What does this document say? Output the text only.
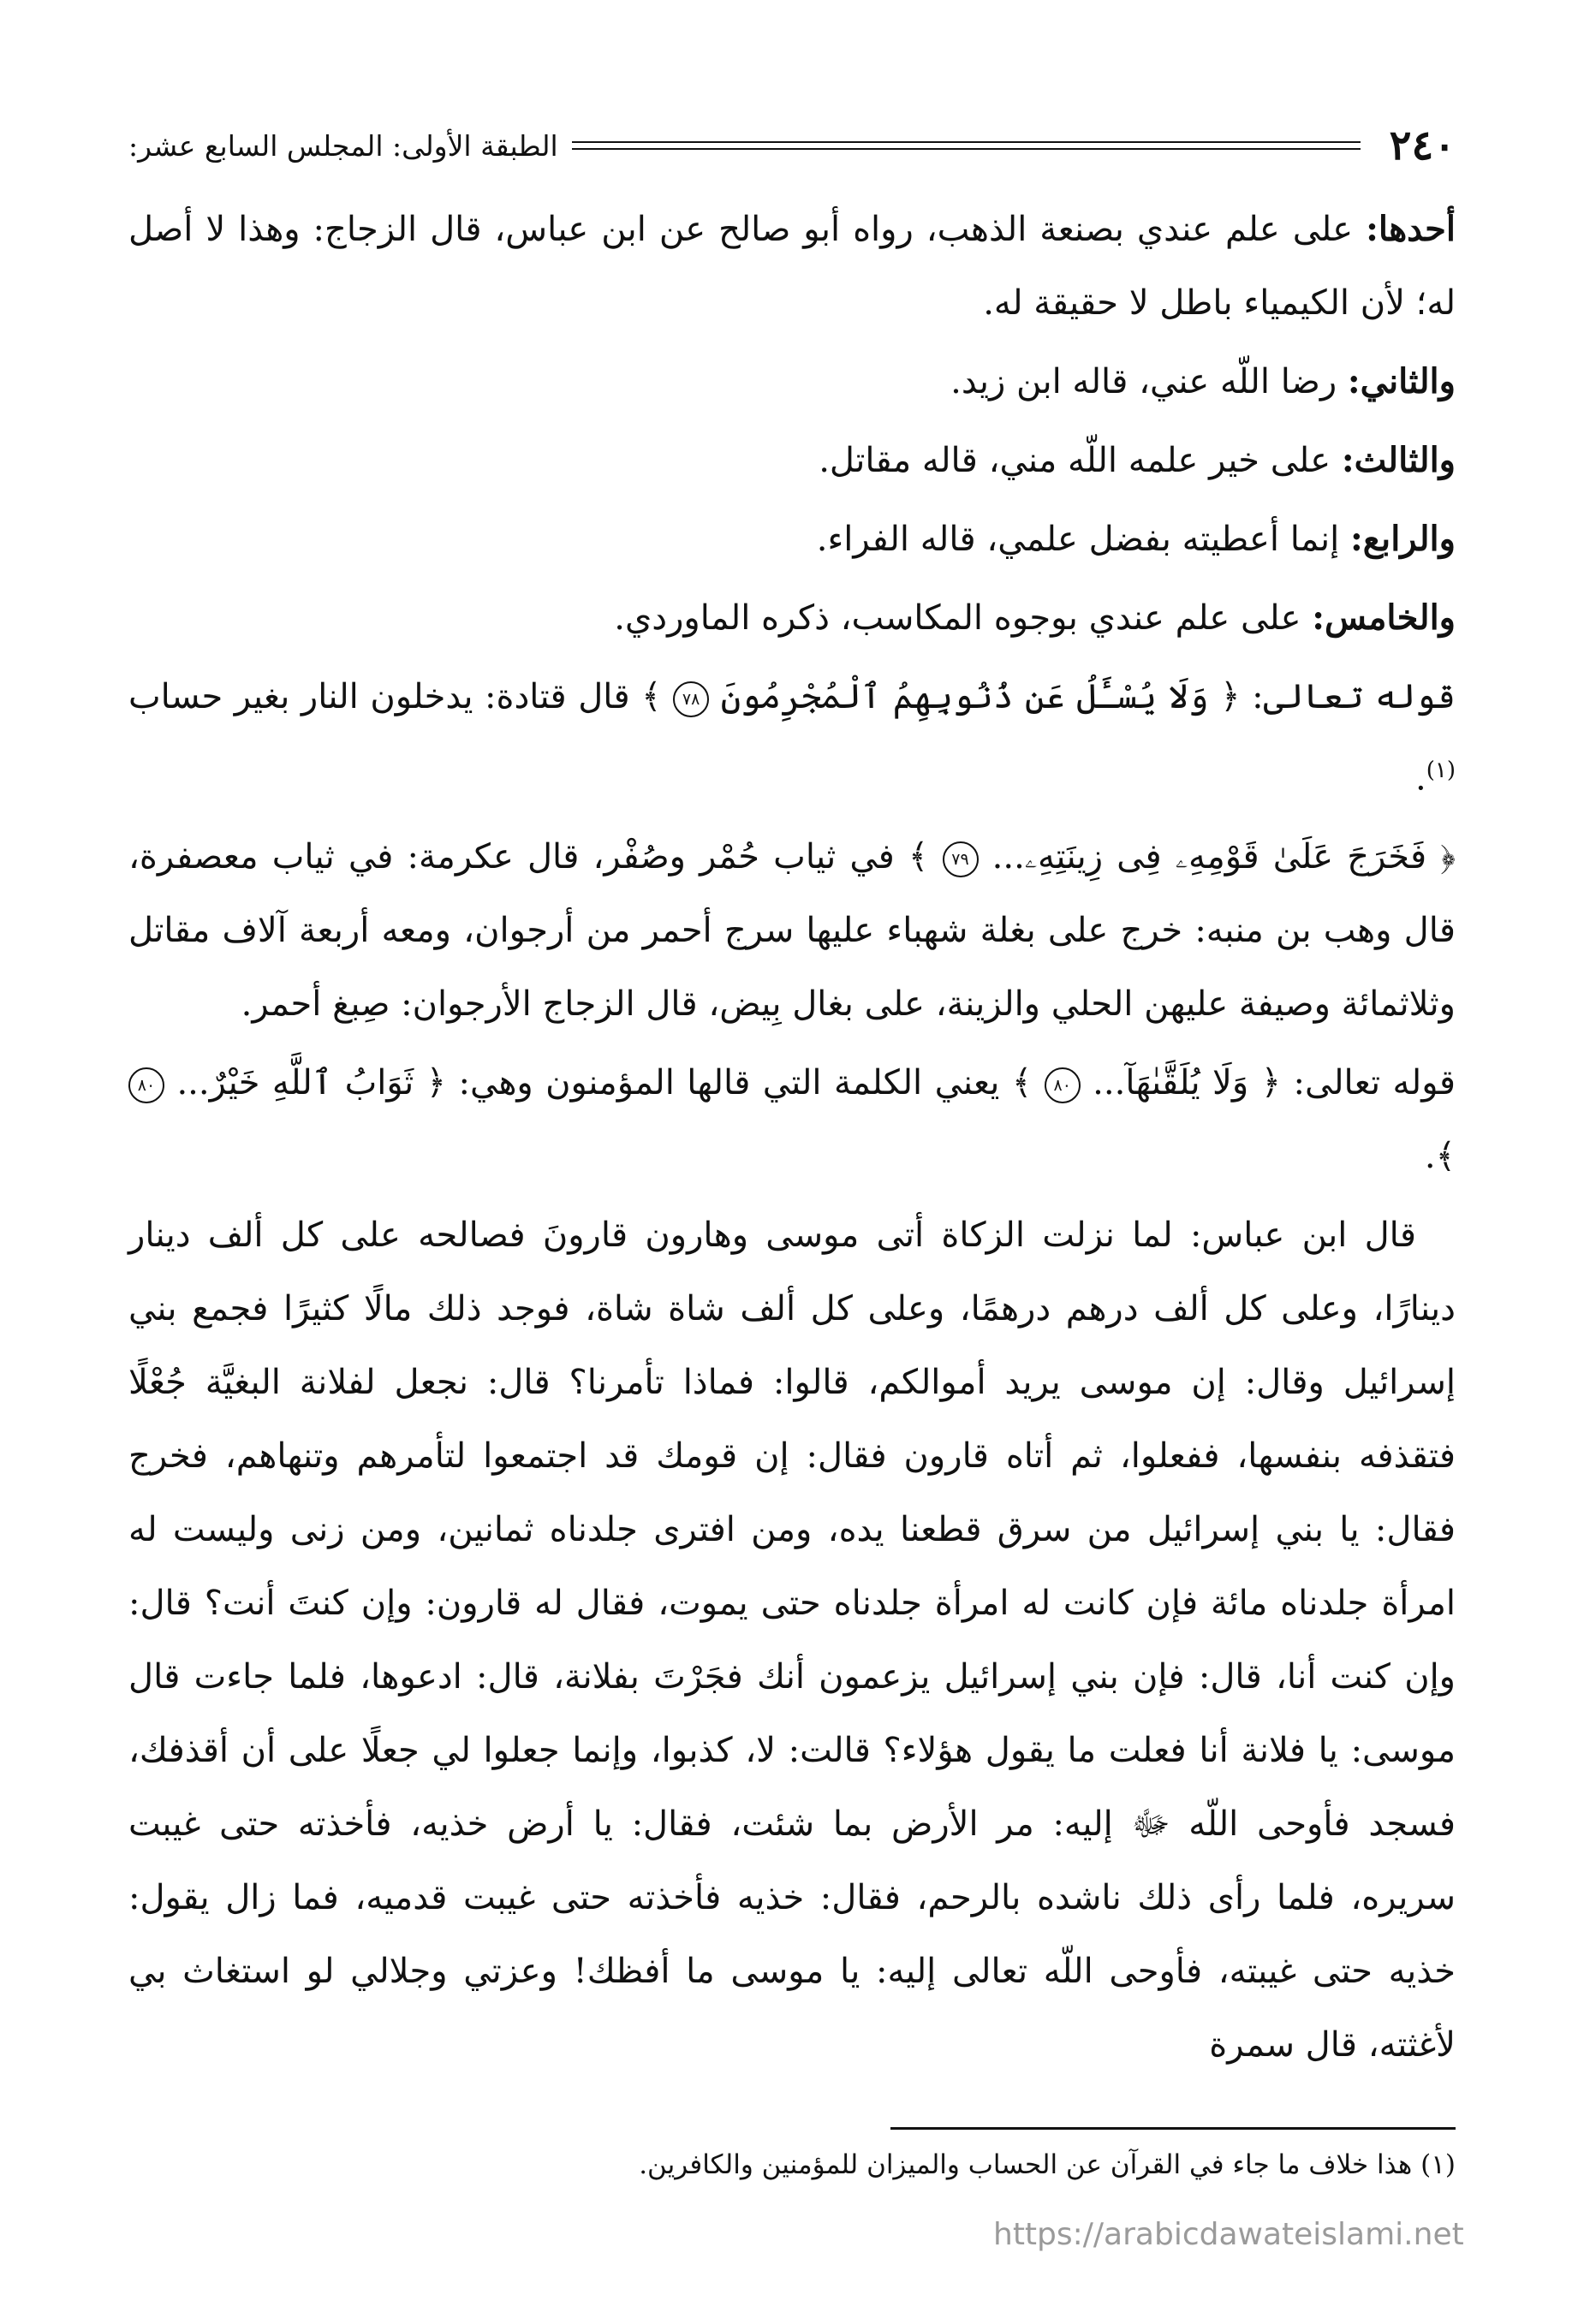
٢٤٠
الطبقة الأولى: المجلس السابع عشر:

أحدها: على علم عندي بصنعة الذهب، رواه أبو صالح عن ابن عباس، قال الزجاج: وهذا لا أصل له؛ لأن الكيمياء باطل لا حقيقة له.

والثاني: رضا اللّه عني، قاله ابن زيد.

والثالث: على خير علمه اللّه مني، قاله مقاتل.

والرابع: إنما أعطيته بفضل علمي، قاله الفراء.

والخامس: على علم عندي بوجوه المكاسب، ذكره الماوردي.

قوله تعالى: ﴿ وَلَا يُسْـَٔلُ عَن ذُنُوبِهِمُ ٱلْمُجْرِمُونَ ٧٨ ﴾ قال قتادة: يدخلون النار بغير حساب $^{(١)}$.

﴿ فَخَرَجَ عَلَىٰ قَوْمِهِۦ فِى زِينَتِهِۦ... ٧٩ ﴾ في ثياب حُمْر وصُفْر، قال عكرمة: في ثياب معصفرة، قال وهب بن منبه: خرج على بغلة شهباء عليها سرج أحمر من أرجوان، ومعه أربعة آلاف مقاتل وثلاثمائة وصيفة عليهن الحلي والزينة، على بغال بِيض، قال الزجاج الأرجوان: صِبغ أحمر.

قوله تعالى: ﴿ وَلَا يُلَقَّىٰهَآ... ٨٠ ﴾ يعني الكلمة التي قالها المؤمنون وهي: ﴿ ثَوَابُ ٱللَّهِ خَيْرٌ... ٨٠ ﴾.

قال ابن عباس: لما نزلت الزكاة أتى موسى وهارون قارونَ فصالحه على كل ألف دينار دينارًا، وعلى كل ألف درهم درهمًا، وعلى كل ألف شاة شاة، فوجد ذلك مالًا كثيرًا فجمع بني إسرائيل وقال: إن موسى يريد أموالكم، قالوا: فماذا تأمرنا؟ قال: نجعل لفلانة البغيَّة جُعْلًا فتقذفه بنفسها، ففعلوا، ثم أتاه قارون فقال: إن قومك قد اجتمعوا لتأمرهم وتنهاهم، فخرج فقال: يا بني إسرائيل من سرق قطعنا يده، ومن افترى جلدناه ثمانين، ومن زنى وليست له امرأة جلدناه مائة فإن كانت له امرأة جلدناه حتى يموت، فقال له قارون: وإن كنتَ أنت؟ قال: وإن كنت أنا، قال: فإن بني إسرائيل يزعمون أنك فجَرْتَ بفلانة، قال: ادعوها، فلما جاءت قال موسى: يا فلانة أنا فعلت ما يقول هؤلاء؟ قالت: لا، كذبوا، وإنما جعلوا لي جعلًا على أن أقذفك، فسجد فأوحى اللّه ﷻ إليه: مر الأرض بما شئت، فقال: يا أرض خذيه، فأخذته حتى غيبت سريره، فلما رأى ذلك ناشده بالرحم، فقال: خذيه فأخذته حتى غيبت قدميه، فما زال يقول: خذيه حتى غيبته، فأوحى اللّه تعالى إليه: يا موسى ما أفظك! وعزتي وجلالي لو استغاث بي لأغثته، قال سمرة

(١) هذا خلاف ما جاء في القرآن عن الحساب والميزان للمؤمنين والكافرين.
https://arabicdawateislami.net
